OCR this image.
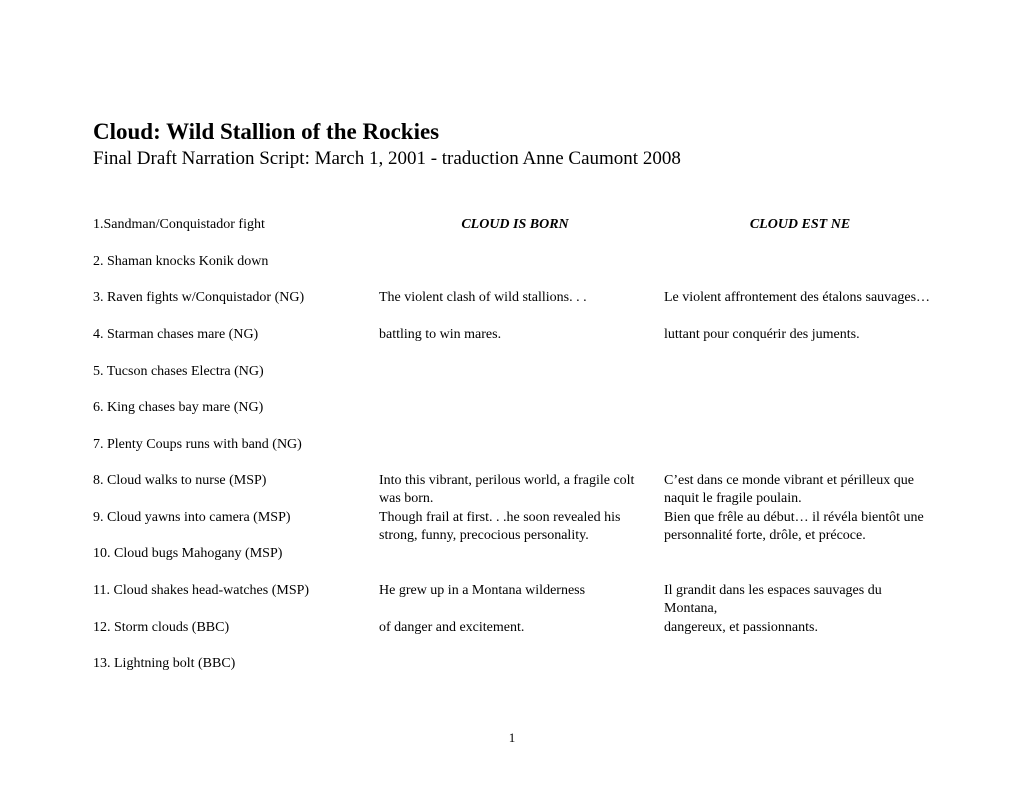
Cloud: Wild Stallion of the Rockies
Final Draft Narration Script: March 1, 2001 - traduction Anne Caumont 2008
CLOUD IS BORN	CLOUD EST NE
1.Sandman/Conquistador fight
2. Shaman knocks Konik down
3. Raven fights w/Conquistador (NG)
4. Starman chases mare (NG)
5. Tucson chases Electra (NG)
6. King chases bay mare (NG)
7. Plenty Coups runs with band (NG)
8. Cloud walks to nurse (MSP)
9. Cloud yawns into camera (MSP)
10. Cloud bugs Mahogany (MSP)
11. Cloud shakes head-watches (MSP)
12. Storm clouds (BBC)
13. Lightning bolt (BBC)
The violent clash of wild stallions. . .
battling to win mares.
Into this vibrant, perilous world, a fragile colt was born.
Though frail at first. . .he soon revealed his strong, funny, precocious personality.
He grew up in a Montana wilderness
of danger and excitement.
Le violent affrontement des étalons sauvages…
luttant pour conquérir des juments.
C’est dans ce monde vibrant et périlleux que naquit le fragile poulain.
Bien que frêle au début… il révéla bientôt une personnalité forte, drôle, et précoce.
Il grandit dans les espaces sauvages du Montana,
dangereux, et passionnants.
1
